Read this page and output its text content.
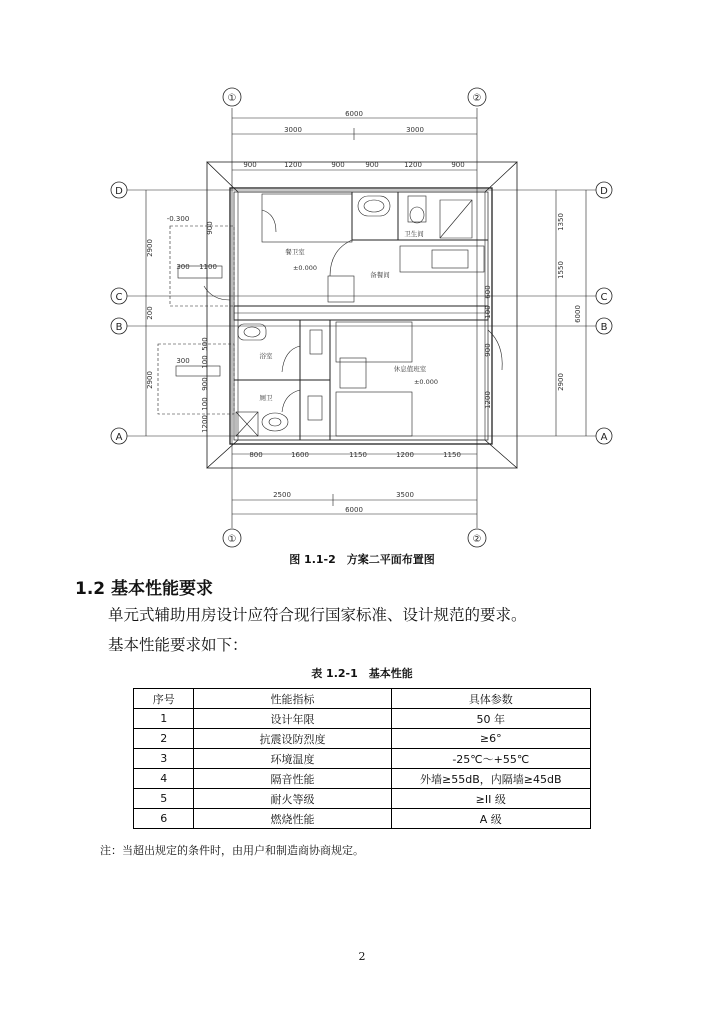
①	②
①	②
D
C
B
A
D
C
B
A
6000
3000	3000
900	1200	900	900	1200	900
800	1600	1150	1200	1150
2500	3500
6000
-0.300
300 1100
300
2900
200
2900
900
500
100
900
100
1200
1350
1550
100
600
900
1200
6000
2900
餐卫室
±0.000
备餐间
卫生间
浴室
厕卫
休息值班室
±0.000
图 1.1-2　方案二平面布置图
1.2 基本性能要求
单元式辅助用房设计应符合现行国家标准、设计规范的要求。
基本性能要求如下：
表 1.2-1　基本性能
序号	性能指标	具体参数
1	设计年限	50 年
2	抗震设防烈度	≥6°
3	环境温度	-25℃～+55℃
4	隔音性能	外墙≥55dB，内隔墙≥45dB
5	耐火等级	≥II 级
6	燃烧性能	A 级
注：当超出规定的条件时，由用户和制造商协商规定。
2
